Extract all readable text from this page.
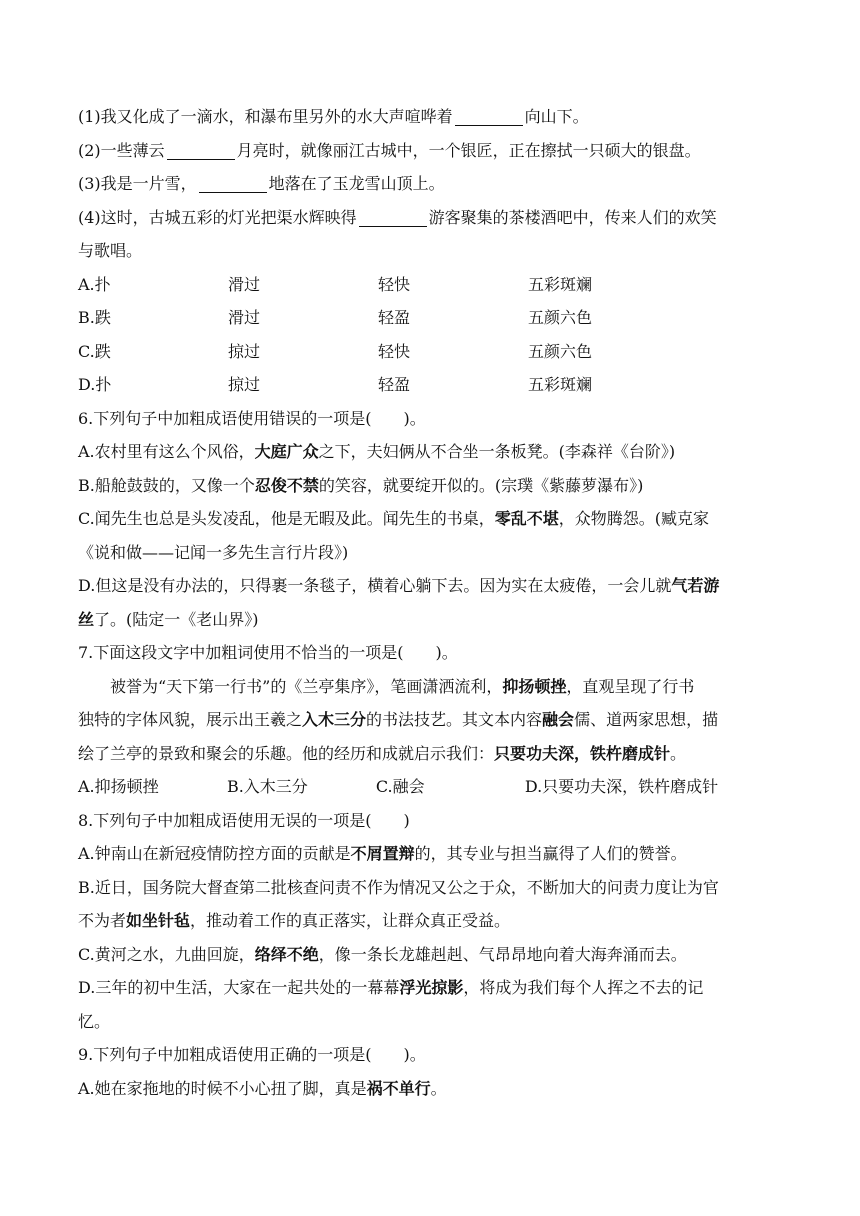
(1)我又化成了一滴水，和瀑布里另外的水大声喧哗着	向山下。
(2)一些薄云	月亮时，就像丽江古城中，一个银匠，正在擦拭一只硕大的银盘。
(3)我是一片雪，	地落在了玉龙雪山顶上。
(4)这时，古城五彩的灯光把渠水辉映得	游客聚集的茶楼酒吧中，传来人们的欢笑
与歌唱。
A.扑	滑过	轻快	五彩斑斓
B.跌	滑过	轻盈	五颜六色
C.跌	掠过	轻快	五颜六色
D.扑	掠过	轻盈	五彩斑斓
6.下列句子中加粗成语使用错误的一项是(　　)。
A.农村里有这么个风俗，大庭广众之下，夫妇俩从不合坐一条板凳。(李森祥《台阶》)
B.船舱鼓鼓的，又像一个忍俊不禁的笑容，就要绽开似的。(宗璞《紫藤萝瀑布》)
C.闻先生也总是头发凌乱，他是无暇及此。闻先生的书桌，零乱不堪，众物腾怨。(臧克家
《说和做——记闻一多先生言行片段》)
D.但这是没有办法的，只得裹一条毯子，横着心躺下去。因为实在太疲倦，一会儿就气若游
丝了。(陆定一《老山界》)
7.下面这段文字中加粗词使用不恰当的一项是(　　)。
被誉为“天下第一行书”的《兰亭集序》，笔画潇洒流利，抑扬顿挫，直观呈现了行书
独特的字体风貌，展示出王羲之入木三分的书法技艺。其文本内容融会儒、道两家思想，描
绘了兰亭的景致和聚会的乐趣。他的经历和成就启示我们：只要功夫深，铁杵磨成针。
A.抑扬顿挫	B.入木三分	C.融会	D.只要功夫深，铁杵磨成针
8.下列句子中加粗成语使用无误的一项是(　　)
A.钟南山在新冠疫情防控方面的贡献是不屑置辩的，其专业与担当赢得了人们的赞誉。
B.近日，国务院大督查第二批核查问责不作为情况又公之于众，不断加大的问责力度让为官
不为者如坐针毡，推动着工作的真正落实，让群众真正受益。
C.黄河之水，九曲回旋，络绎不绝，像一条长龙雄赳赳、气昂昂地向着大海奔涌而去。
D.三年的初中生活，大家在一起共处的一幕幕浮光掠影，将成为我们每个人挥之不去的记
忆。
9.下列句子中加粗成语使用正确的一项是(　　)。
A.她在家拖地的时候不小心扭了脚，真是祸不单行。
